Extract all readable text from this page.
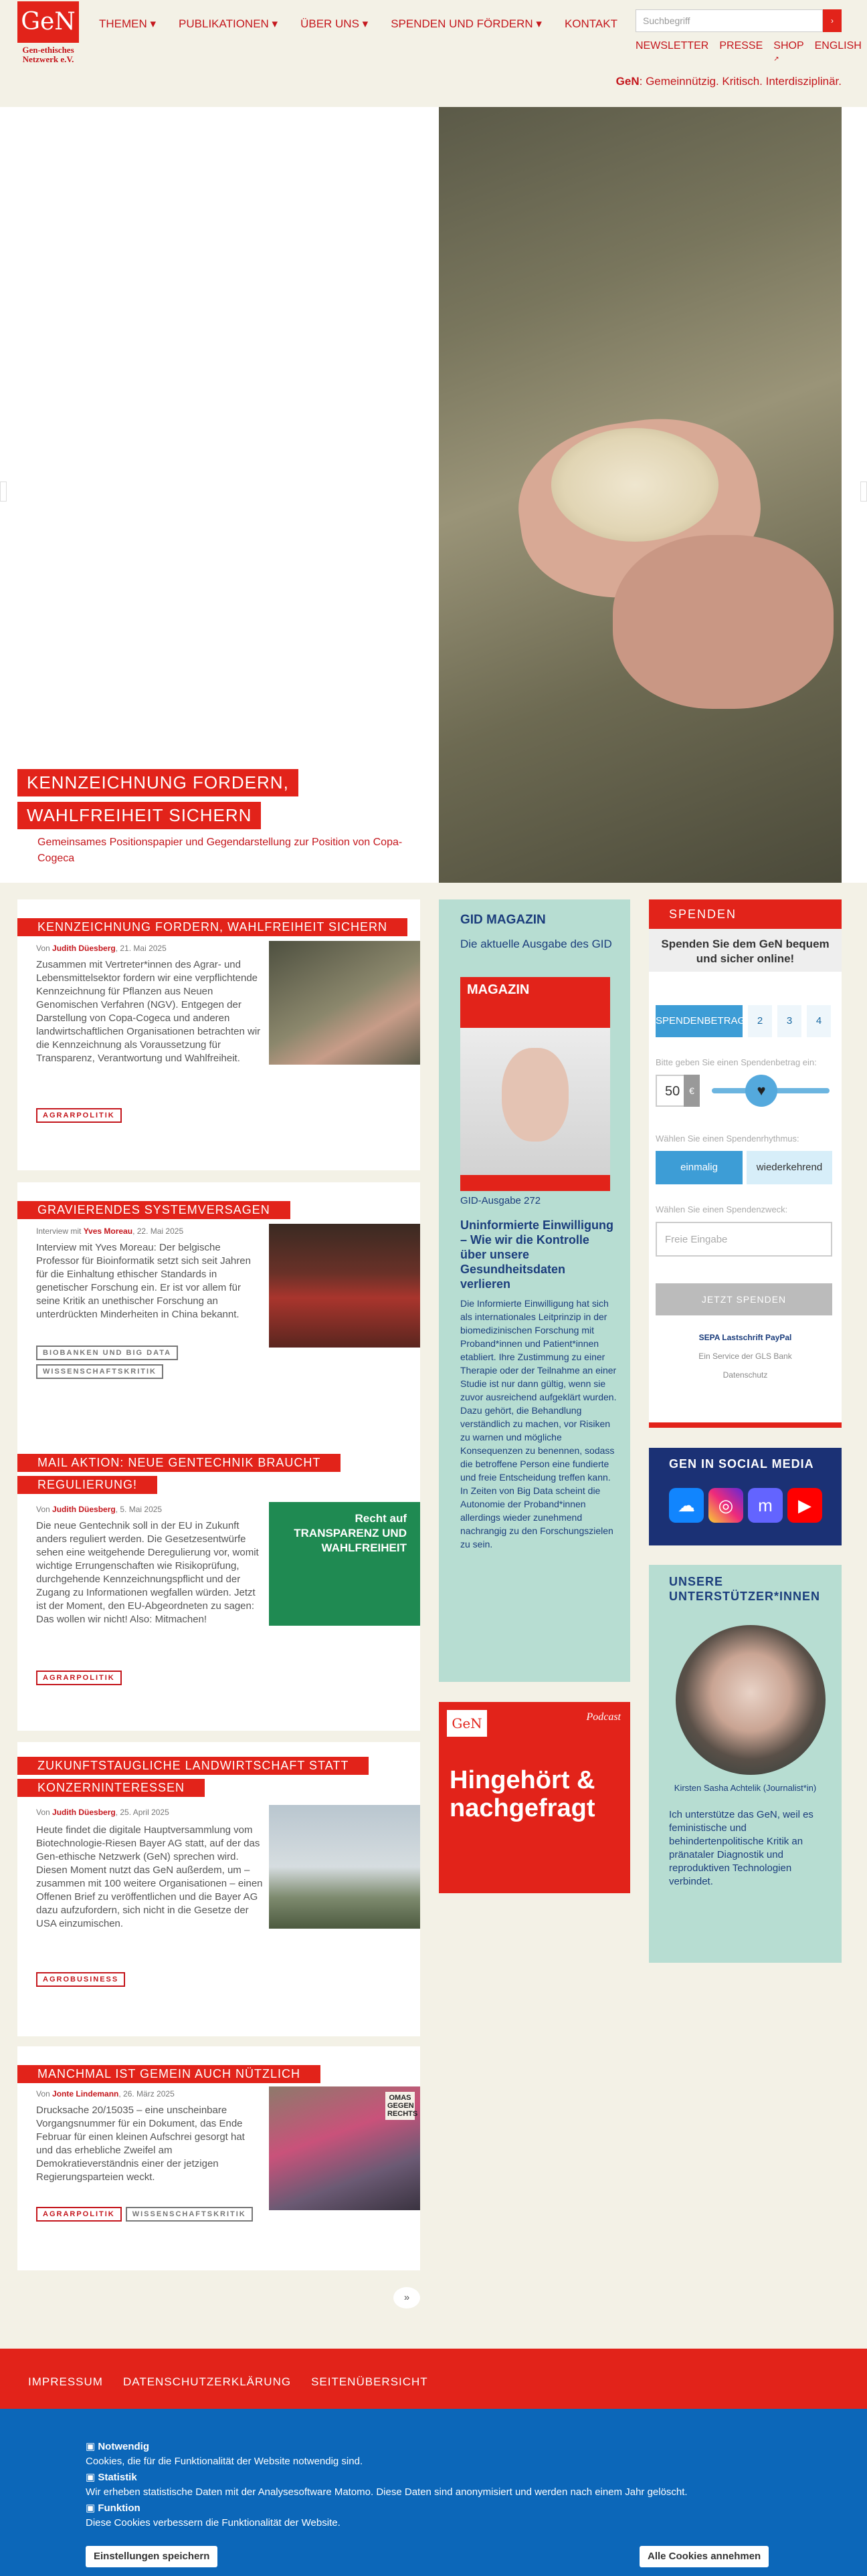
GeN
Gen-ethisches Netzwerk e.V.
THEMEN ▾ PUBLIKATIONEN ▾ ÜBER UNS ▾ SPENDEN UND FÖRDERN ▾ KONTAKT	Suchbegriff	›
NEWSLETTER PRESSE SHOP
↗
ENGLISH
GeN: Gemeinnützig. Kritisch. Interdisziplinär.
KENNZEICHNUNG FORDERN,
WAHLFREIHEIT SICHERN
Gemeinsames Positionspapier und Gegendarstellung zur Position von Copa-Cogeca
KENNZEICHNUNG FORDERN, WAHLFREIHEIT SICHERN
Von Judith Düesberg, 21. Mai 2025
Zusammen mit Vertreter*innen des Agrar- und Lebensmittelsektor fordern wir eine verpflichtende Kennzeichnung für Pflanzen aus Neuen Genomischen Verfahren (NGV). Entgegen der Darstellung von Copa-Cogeca und anderen landwirtschaftlichen Organisationen betrachten wir die Kennzeichnung als Voraussetzung für Transparenz, Verantwortung und Wahlfreiheit.
AGRARPOLITIK
GRAVIERENDES SYSTEMVERSAGEN
Interview mit Yves Moreau, 22. Mai 2025
Interview mit Yves Moreau: Der belgische Professor für Bioinformatik setzt sich seit Jahren für die Einhaltung ethischer Standards in genetischer Forschung ein. Er ist vor allem für seine Kritik an unethischer Forschung an unterdrückten Minderheiten in China bekannt.
BIOBANKEN UND BIG DATA
WISSENSCHAFTSKRITIK
MAIL AKTION: NEUE GENTECHNIK BRAUCHT
REGULIERUNG!
Von Judith Düesberg, 5. Mai 2025
Die neue Gentechnik soll in der EU in Zukunft anders reguliert werden. Die Gesetzesentwürfe sehen eine weitgehende Deregulierung vor, womit wichtige Errungenschaften wie Risikoprüfung, durchgehende Kennzeichnungspflicht und der Zugang zu Informationen wegfallen würden. Jetzt ist der Moment, den EU-Abgeordneten zu sagen: Das wollen wir nicht! Also: Mitmachen!
Recht auf TRANSPARENZ UND WAHLFREIHEIT
AGRARPOLITIK
ZUKUNFTSTAUGLICHE LANDWIRTSCHAFT STATT
KONZERNINTERESSEN
Von Judith Düesberg, 25. April 2025
Heute findet die digitale Hauptversammlung vom Biotechnologie-Riesen Bayer AG statt, auf der das Gen-ethische Netzwerk (GeN) sprechen wird. Diesen Moment nutzt das GeN außerdem, um – zusammen mit 100 weitere Organisationen – einen Offenen Brief zu veröffentlichen und die Bayer AG dazu aufzufordern, sich nicht in die Gesetze der USA einzumischen.
AGROBUSINESS
MANCHMAL IST GEMEIN AUCH NÜTZLICH
Von Jonte Lindemann, 26. März 2025
Drucksache 20/15035 – eine unscheinbare Vorgangsnummer für ein Dokument, das Ende Februar für einen kleinen Aufschrei gesorgt hat und das erhebliche Zweifel am Demokratieverständnis einer der jetzigen Regierungsparteien weckt.
OMAS GEGEN RECHTS
AGRARPOLITIK	WISSENSCHAFTSKRITIK
»
GID MAGAZIN
Die aktuelle Ausgabe des GID
MAGAZIN
GID-Ausgabe 272
Uninformierte Einwilligung – Wie wir die Kontrolle über unsere Gesundheitsdaten verlieren
Die Informierte Einwilligung hat sich als internationales Leitprinzip in der biomedizinischen Forschung mit Proband*innen und Patient*innen etabliert. Ihre Zustimmung zu einer Therapie oder der Teilnahme an einer Studie ist nur dann gültig, wenn sie zuvor ausreichend aufgeklärt wurden. Dazu gehört, die Behandlung verständlich zu machen, vor Risiken zu warnen und mögliche Konsequenzen zu benennen, sodass die betroffene Person eine fundierte und freie Entscheidung treffen kann. In Zeiten von Big Data scheint die Autonomie der Proband*innen allerdings wieder zunehmend nachrangig zu den Forschungszielen zu sein.
GeN	Podcast
Hingehört & nachgefragt
SPENDEN
Spenden Sie dem GeN bequem und sicher online!
SPENDENBETRAG	2	3	4
Bitte geben Sie einen Spendenbetrag ein:
50 €	♥
Wählen Sie einen Spendenrhythmus:
einmalig	wiederkehrend
Wählen Sie einen Spendenzweck:
Freie Eingabe
JETZT SPENDEN
SEPA Lastschrift PayPal
Ein Service der GLS Bank
Datenschutz
GEN IN SOCIAL MEDIA
☁	◎	m	▶
UNSERE UNTERSTÜTZER*INNEN
Kirsten Sasha Achtelik (Journalist*in)
Ich unterstütze das GeN, weil es feministische und behindertenpolitische Kritik an pränataler Diagnostik und reproduktiven Technologien verbindet.
IMPRESSUM DATENSCHUTZERKLÄRUNG SEITENÜBERSICHT
▣ Notwendig
Cookies, die für die Funktionalität der Website notwendig sind.
▣ Statistik
Wir erheben statistische Daten mit der Analysesoftware Matomo. Diese Daten sind anonymisiert und werden nach einem Jahr gelöscht.
▣ Funktion
Diese Cookies verbessern die Funktionalität der Website.
Einstellungen speichern	Alle Cookies annehmen
